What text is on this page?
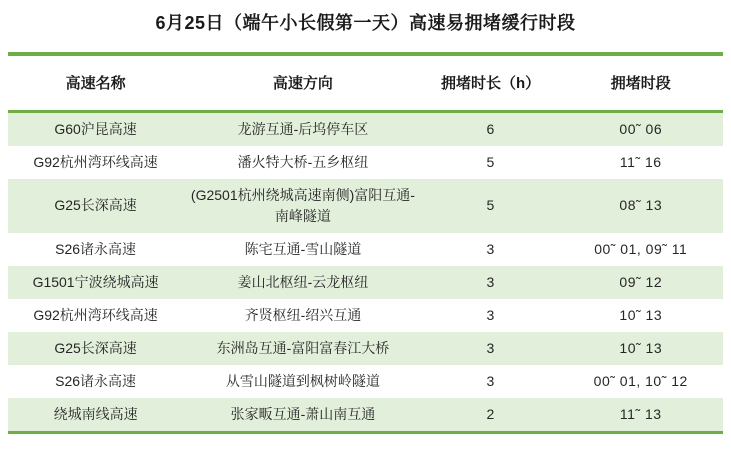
6月25日（端午小长假第一天）高速易拥堵缓行时段
高速名称	高速方向	拥堵时长（h）	拥堵时段
G60沪昆高速	龙游互通-后坞停车区	6	00˜ 06
G92杭州湾环线高速	潘火特大桥-五乡枢纽	5	11˜ 16
G25长深高速	(G2501杭州绕城高速南侧)富阳互通-南峰隧道	5	08˜ 13
S26诸永高速	陈宅互通-雪山隧道	3	00˜ 01, 09˜ 11
G1501宁波绕城高速	姜山北枢纽-云龙枢纽	3	09˜ 12
G92杭州湾环线高速	齐贤枢纽-绍兴互通	3	10˜ 13
G25长深高速	东洲岛互通-富阳富春江大桥	3	10˜ 13
S26诸永高速	从雪山隧道到枫树岭隧道	3	00˜ 01, 10˜ 12
绕城南线高速	张家畈互通-萧山南互通	2	11˜ 13
